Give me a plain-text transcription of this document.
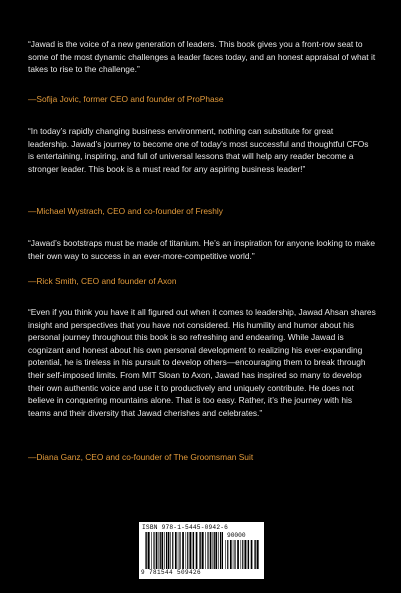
“Jawad is the voice of a new generation of leaders. This book gives you a front-row seat to some of the most dynamic challenges a leader faces today, and an honest appraisal of what it takes to rise to the challenge.”

—Sofija Jovic, former CEO and founder of ProPhase

“In today’s rapidly changing business environment, nothing can substitute for great leadership. Jawad’s journey to become one of today’s most successful and thoughtful CFOs is entertaining, inspiring, and full of universal lessons that will help any reader become a stronger leader. This book is a must read for any aspiring business leader!”

—Michael Wystrach, CEO and co-founder of Freshly

“Jawad’s bootstraps must be made of titanium. He’s an inspiration for anyone looking to make their own way to success in an ever-more-competitive world.”

—Rick Smith, CEO and founder of Axon

“Even if you think you have it all figured out when it comes to leadership, Jawad Ahsan shares insight and perspectives that you have not considered. His humility and humor about his personal journey throughout this book is so refreshing and endearing. While Jawad is cognizant and honest about his own personal development to realizing his ever-expanding potential, he is tireless in his pursuit to develop others—encouraging them to break through their self-imposed limits. From MIT Sloan to Axon, Jawad has inspired so many to develop their own authentic voice and use it to productively and uniquely contribute. He does not believe in conquering mountains alone. That is too easy. Rather, it’s the journey with his teams and their diversity that Jawad cherishes and celebrates.”

—Diana Ganz, CEO and co-founder of The Groomsman Suit

ISBN 978-1-5445-0942-6
90000
9 781544 509426
